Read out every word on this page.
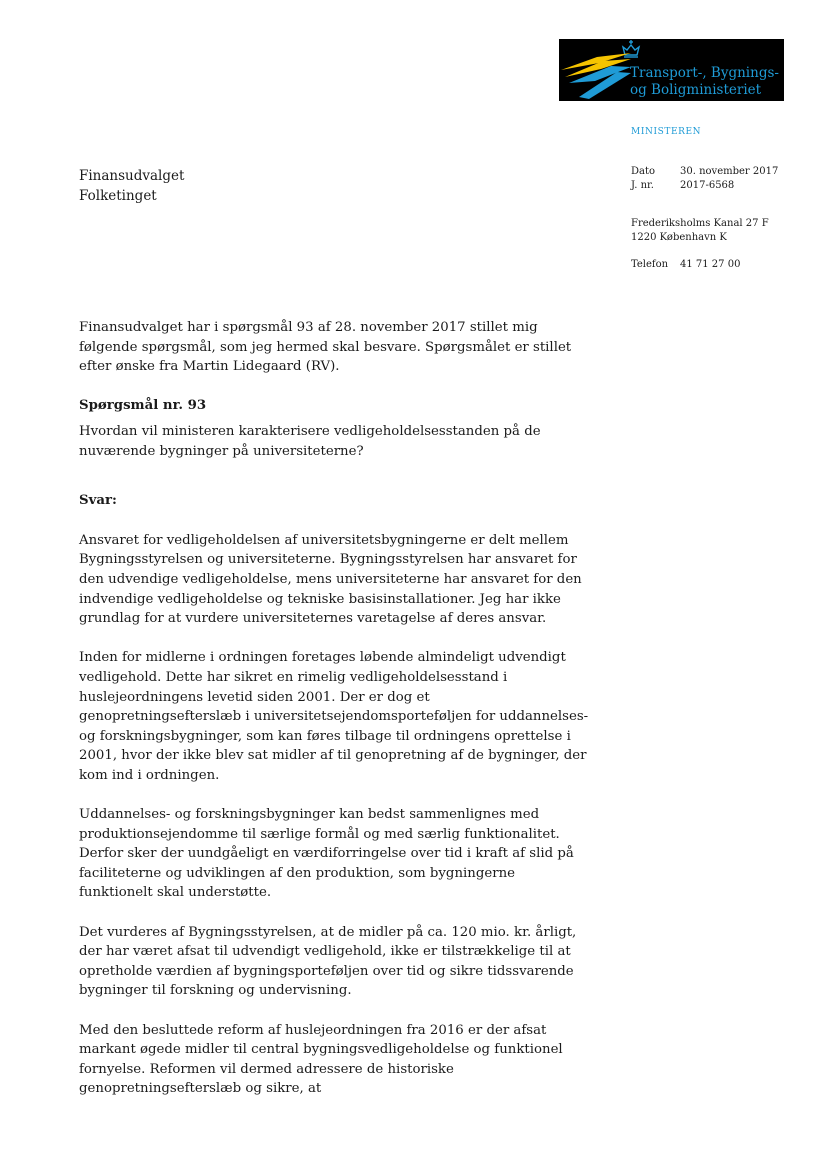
Transport-, Bygnings-
og Boligministeriet
MINISTEREN
Dato 30. november 2017
J. nr.	2017-6568
Frederiksholms Kanal 27 F
1220 København K
Telefon 41 71 27 00
Finansudvalget
Folketinget

Finansudvalget har i spørgsmål 93 af 28. november 2017 stillet mig følgende spørgsmål, som jeg hermed skal besvare. Spørgsmålet er stillet efter ønske fra Martin Lidegaard (RV).

Spørgsmål nr. 93

Hvordan vil ministeren karakterisere vedligeholdelsesstanden på de nuværende bygninger på universiteterne?

Svar:

Ansvaret for vedligeholdelsen af universitetsbygningerne er delt mellem Bygningsstyrelsen og universiteterne. Bygningsstyrelsen har ansvaret for den udvendige vedligeholdelse, mens universiteterne har ansvaret for den indvendige vedligeholdelse og tekniske basisinstallationer. Jeg har ikke grundlag for at vurdere universiteternes varetagelse af deres ansvar.

Inden for midlerne i ordningen foretages løbende almindeligt udvendigt vedligehold. Dette har sikret en rimelig vedligeholdelsesstand i huslejeordningens levetid siden 2001. Der er dog et genopretningsefterslæb i universitetsejendomsporteføljen for uddannelses- og forskningsbygninger, som kan føres tilbage til ordningens oprettelse i 2001, hvor der ikke blev sat midler af til genopretning af de bygninger, der kom ind i ordningen.

Uddannelses- og forskningsbygninger kan bedst sammenlignes med produktionsejendomme til særlige formål og med særlig funktionalitet. Derfor sker der uundgåeligt en værdiforringelse over tid i kraft af slid på faciliteterne og udviklingen af den produktion, som bygningerne funktionelt skal understøtte.

Det vurderes af Bygningsstyrelsen, at de midler på ca. 120 mio. kr. årligt, der har været afsat til udvendigt vedligehold, ikke er tilstrækkelige til at opretholde værdien af bygningsporteføljen over tid og sikre tidssvarende bygninger til forskning og undervisning.

Med den besluttede reform af huslejeordningen fra 2016 er der afsat markant øgede midler til central bygningsvedligeholdelse og funktionel fornyelse. Reformen vil dermed adressere de historiske genopretningsefterslæb og sikre, at
